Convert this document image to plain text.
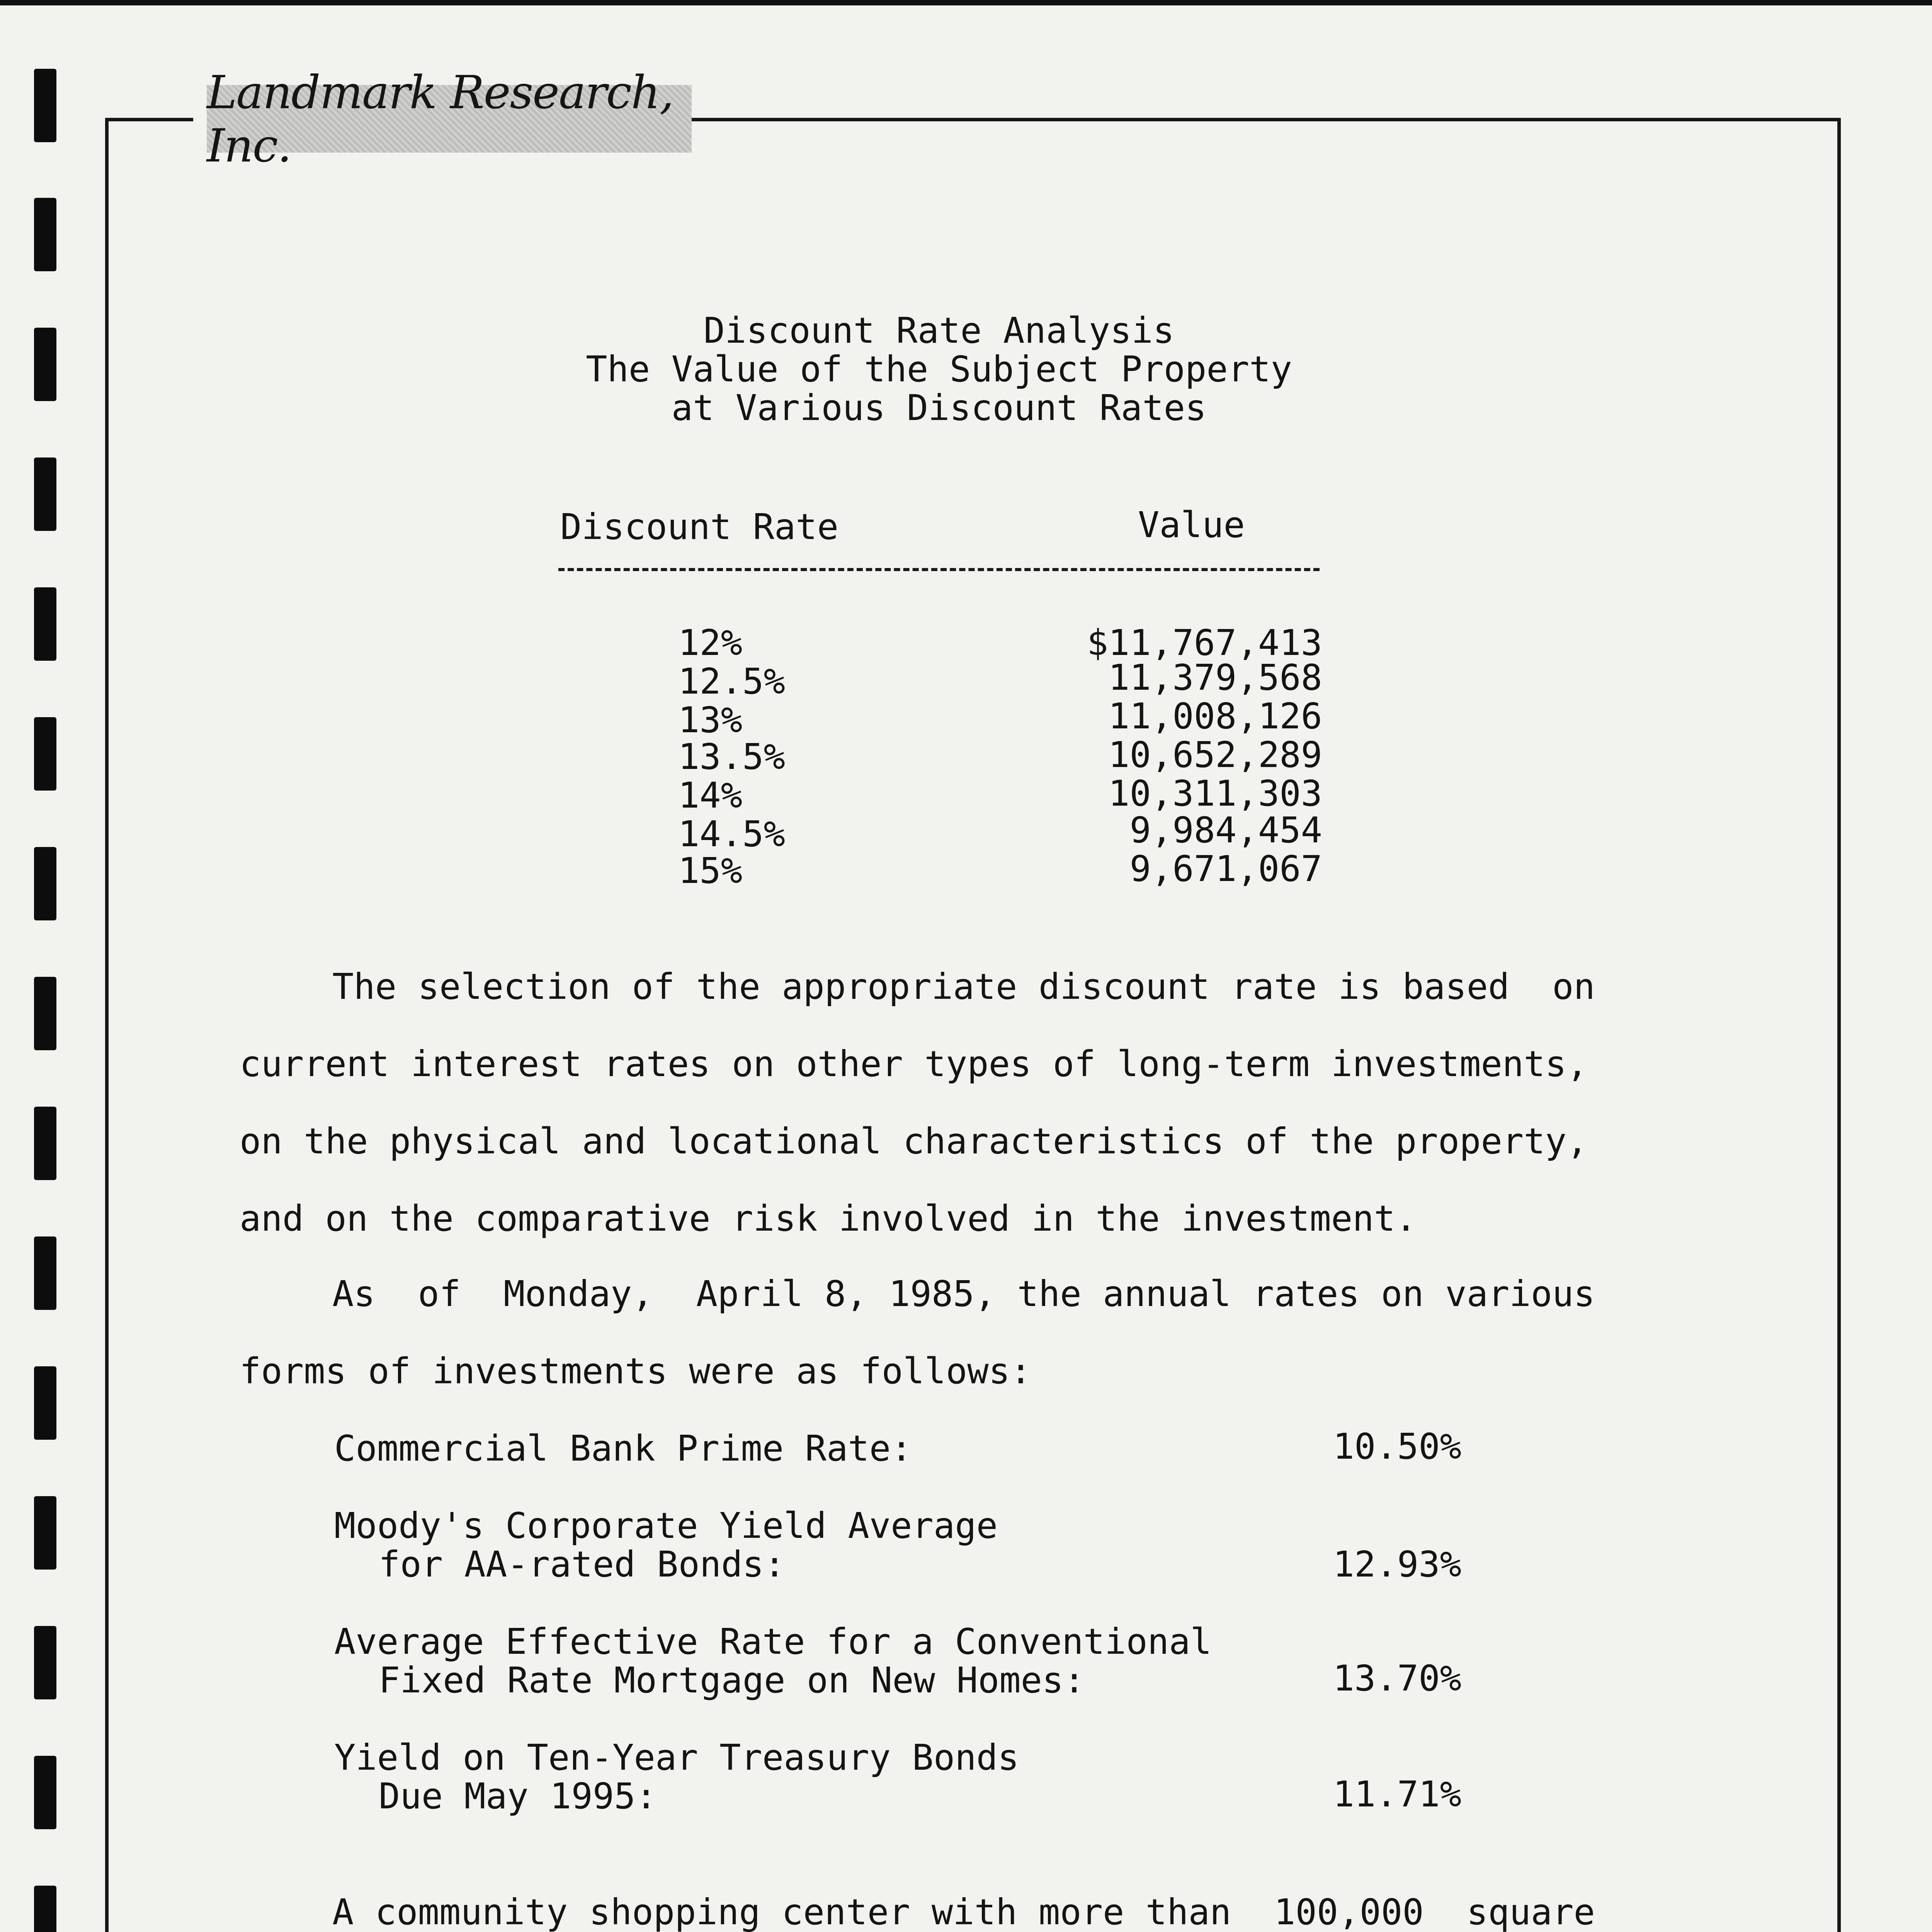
Landmark Research, Inc.
Discount Rate Analysis
The Value of the Subject Property
at Various Discount Rates
Discount Rate	Value
12%	$11,767,413
12.5%	11,379,568
13%	11,008,126
13.5%	10,652,289
14%	10,311,303
14.5%	9,984,454
15%	9,671,067
The selection of the appropriate discount rate is based  on
current interest rates on other types of long-term investments,
on the physical and locational characteristics of the property,
and on the comparative risk involved in the investment.
As  of  Monday,  April 8, 1985, the annual rates on various
forms of investments were as follows:
Commercial Bank Prime Rate:	10.50%
Moody's Corporate Yield Average
for AA-rated Bonds:	12.93%
Average Effective Rate for a Conventional
Fixed Rate Mortgage on New Homes:	13.70%
Yield on Ten-Year Treasury Bonds
Due May 1995:	11.71%
A community shopping center with more than  100,000  square
